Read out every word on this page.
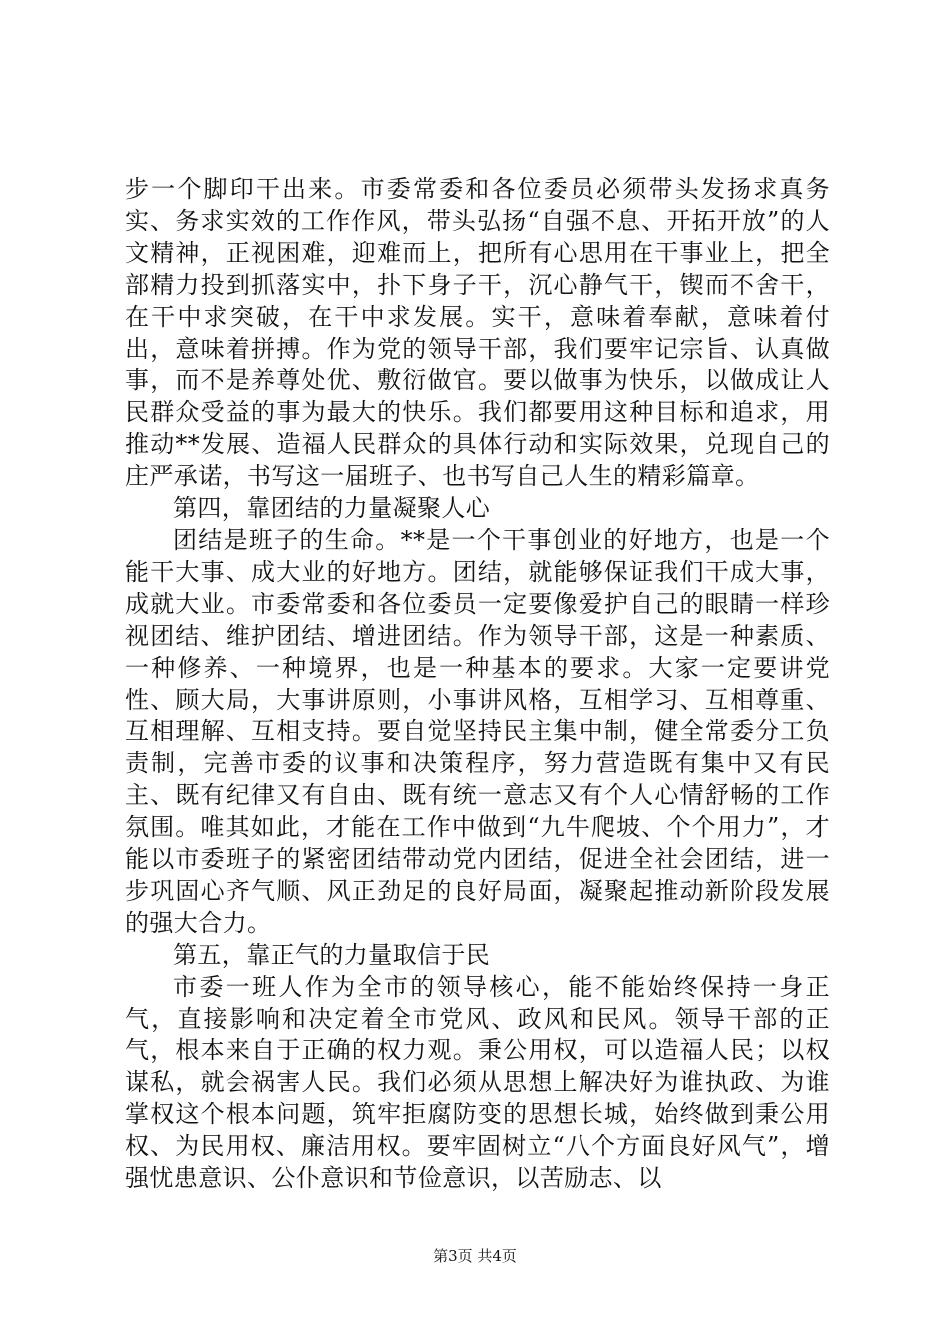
步一个脚印干出来。市委常委和各位委员必须带头发扬求真务实、务求实效的工作作风，带头弘扬“自强不息、开拓开放”的人文精神，正视困难，迎难而上，把所有心思用在干事业上，把全部精力投到抓落实中，扑下身子干，沉心静气干，锲而不舍干，在干中求突破，在干中求发展。实干，意味着奉献，意味着付出，意味着拼搏。作为党的领导干部，我们要牢记宗旨、认真做事，而不是养尊处优、敷衍做官。要以做事为快乐，以做成让人民群众受益的事为最大的快乐。我们都要用这种目标和追求，用推动**发展、造福人民群众的具体行动和实际效果，兑现自己的庄严承诺，书写这一届班子、也书写自己人生的精彩篇章。

第四，靠团结的力量凝聚人心

团结是班子的生命。**是一个干事创业的好地方，也是一个能干大事、成大业的好地方。团结，就能够保证我们干成大事，成就大业。市委常委和各位委员一定要像爱护自己的眼睛一样珍视团结、维护团结、增进团结。作为领导干部，这是一种素质、一种修养、一种境界，也是一种基本的要求。大家一定要讲党性、顾大局，大事讲原则，小事讲风格，互相学习、互相尊重、互相理解、互相支持。要自觉坚持民主集中制，健全常委分工负责制，完善市委的议事和决策程序，努力营造既有集中又有民主、既有纪律又有自由、既有统一意志又有个人心情舒畅的工作氛围。唯其如此，才能在工作中做到“九牛爬坡、个个用力”，才能以市委班子的紧密团结带动党内团结，促进全社会团结，进一步巩固心齐气顺、风正劲足的良好局面，凝聚起推动新阶段发展的强大合力。

第五，靠正气的力量取信于民

市委一班人作为全市的领导核心，能不能始终保持一身正气，直接影响和决定着全市党风、政风和民风。领导干部的正气，根本来自于正确的权力观。秉公用权，可以造福人民；以权谋私，就会祸害人民。我们必须从思想上解决好为谁执政、为谁掌权这个根本问题，筑牢拒腐防变的思想长城，始终做到秉公用权、为民用权、廉洁用权。要牢固树立“八个方面良好风气”，增强忧患意识、公仆意识和节俭意识，以苦励志、以

第3页 共4页
